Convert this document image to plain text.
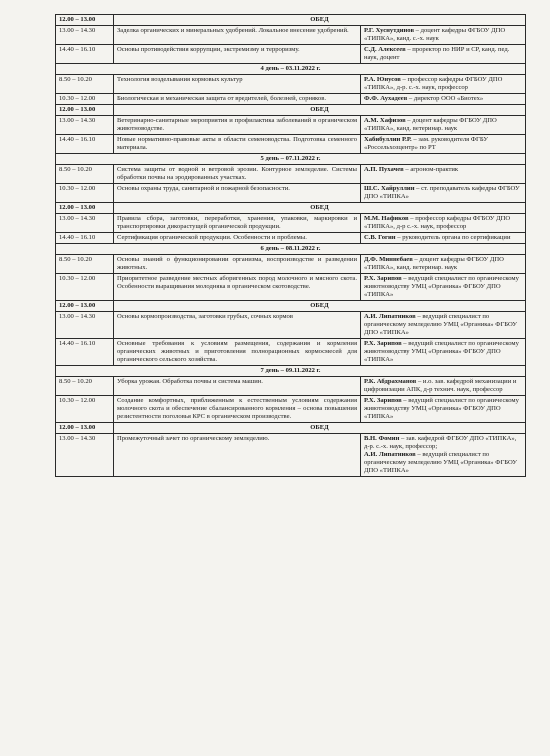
12.00 – 13.00	ОБЕД	
13.00 – 14.30	Заделка органических и минеральных удобрений. Локальное внесение удобрений.	Р.Г. Хуснутдинов – доцент кафедры ФГБОУ ДПО «ТИПКА», канд. с.-х. наук
14.40 – 16.10	Основы противодействия коррупции, экстремизму и терроризму.	С.Д. Алексеев – проректор по НИР и СР, канд. пед. наук, доцент
4 день – 03.11.2022 г.		
8.50 – 10.20	Технология возделывания кормовых культур	Р.А. Юнусов – профессор кафедры ФГБОУ ДПО «ТИПКА», д-р. с.-х. наук, профессор
10.30 – 12.00	Биологическая и механическая защита от вредителей, болезней, сорняков.	Ф.Ф. Аухадеев – директор ООО «Биотех»
12.00 – 13.00	ОБЕД	
13.00 – 14.30	Ветеринарно-санитарные мероприятия и профилактика заболеваний в органическом животноводстве.	А.М. Хафизов – доцент кафедры ФГБОУ ДПО «ТИПКА», канд. ветеринар. наук
14.40 – 16.10	Новые нормативно-правовые акты в области семеноводства. Подготовка семенного материала.	Хабибуллин Р.Р. – зам. руководителя ФГБУ «Россельхозцентр» по РТ
5 день – 07.11.2022 г.		
8.50 – 10.20	Система защиты от водной и ветровой эрозии. Контурное земледелие. Системы обработки почвы на эродированных участках.	А.П. Пухачев – агроном-практик
10.30 – 12.00	Основы охраны труда, санитарной и пожарной безопасности.	Ш.С. Хайруллин – ст. преподаватель кафедры ФГБОУ ДПО «ТИПКА»
12.00 – 13.00	ОБЕД	
13.00 – 14.30	Правила сбора, заготовки, переработки, хранения, упаковки, маркировки и транспортировки дикорастущей органической продукции.	М.М. Нафиков – профессор кафедры ФГБОУ ДПО «ТИПКА», д-р с.-х. наук, профессор
14.40 – 16.10	Сертификация органической продукции. Особенности и проблемы.	С.В. Гогин – руководитель органа по сертификации
6 день – 08.11.2022 г.		
8.50 – 10.20	Основы знаний о функционировании организма, воспроизводстве и разведении животных.	Д.Ф. Миннебаев – доцент кафедры ФГБОУ ДПО «ТИПКА», канд. ветеринар. наук
10.30 – 12.00	Приоритетное разведение местных аборигенных пород молочного и мясного скота. Особенности выращивания молодняка в органическом скотоводстве.	Р.Х. Зарипов – ведущий специалист по органическому животноводству УМЦ «Органика» ФГБОУ ДПО «ТИПКА»
12.00 – 13.00	ОБЕД	
13.00 – 14.30	Основы кормопроизводства, заготовки грубых, сочных кормов	А.И. Липатников – ведущий специалист по органическому земледелию УМЦ «Органика» ФГБОУ ДПО «ТИПКА»
14.40 – 16.10	Основные требования к условиям размещения, содержания и кормления органических животных и приготовления полнорационных кормосмесей для органического сельского хозяйства.	Р.Х. Зарипов – ведущий специалист по органическому животноводству УМЦ «Органика» ФГБОУ ДПО «ТИПКА»
7 день – 09.11.2022 г.		
8.50 – 10.20	Уборка урожая. Обработка почвы и система машин.	Р.К. Абдрахманов – и.о. зав. кафедрой механизации и цифровизации АПК, д-р технич. наук, профессор
10.30 – 12.00	Создание комфортных, приближенным к естественным условиям содержания молочного скота и обеспечение сбалансированного кормления – основа повышения резистентности поголовья КРС в органическом производстве.	Р.Х. Зарипов – ведущий специалист по органическому животноводству УМЦ «Органика» ФГБОУ ДПО «ТИПКА»
12.00 – 13.00	ОБЕД	
13.00 – 14.30	Промежуточный зачет по органическому земледелию.	В.Н. Фомин – зав. кафедрой ФГБОУ ДПО «ТИПКА», д-р. с.-х. наук, профессор;
А.И. Липатников – ведущий специалист по органическому земледелию УМЦ «Органика» ФГБОУ ДПО «ТИПКА»
